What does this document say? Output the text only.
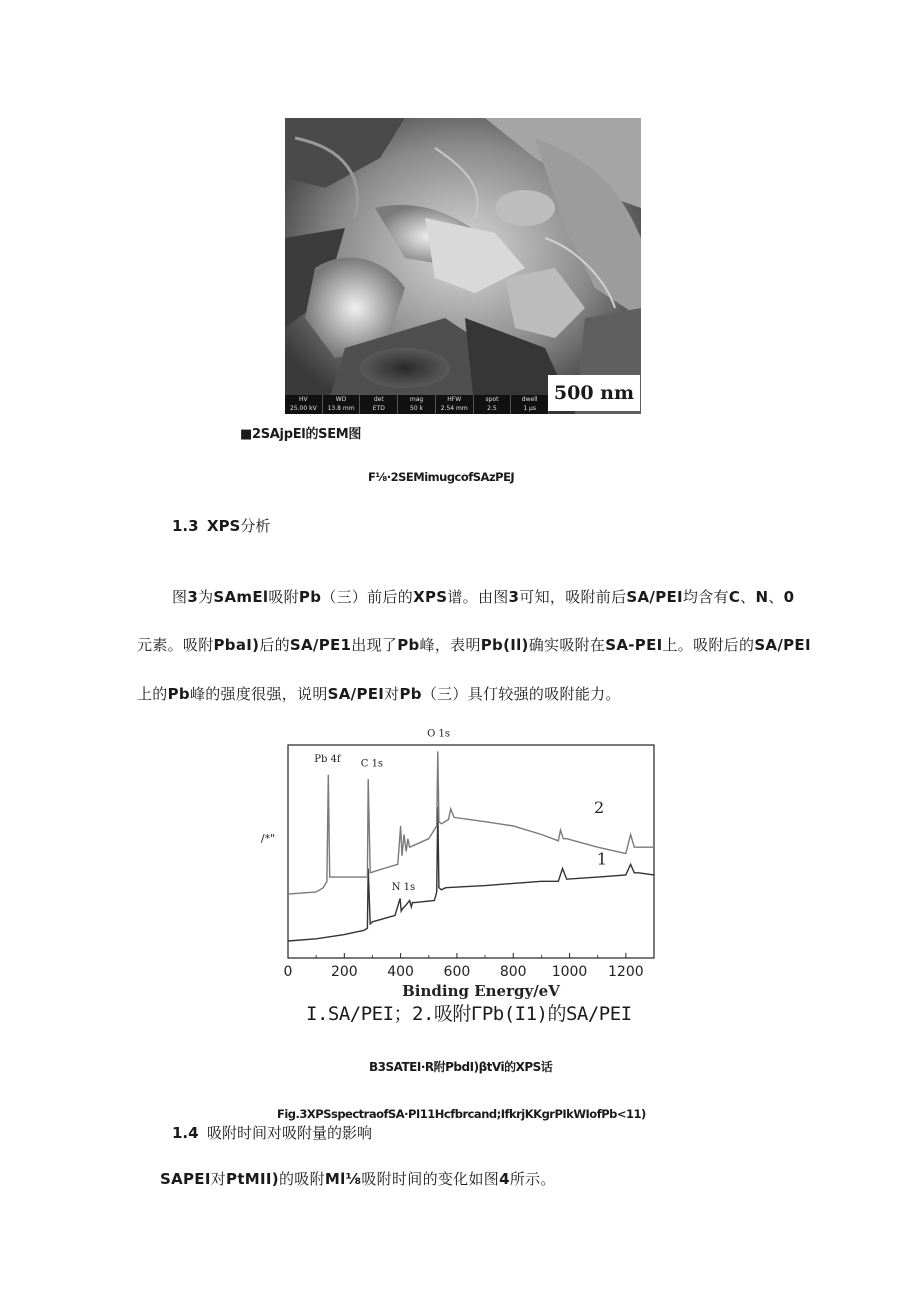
HV
25.00 kV
WD
13.8 mm
det
ETD
mag
50 k
HFW
2.54 mm
spot
2.5
dwell
1 μs
500 nm
■2SAjpEl的SEM图
F⅛·2SEMimugcofSAzPEJ
1.3 XPS分析
图3为SAmEl吸附Pb（三）前后的XPS谱。由图3可知，吸附前后SA/PEI均含有C、N、0
元素。吸附PbaI)后的SA/PE1出现了Pb峰，表明Pb(Il)确实吸附在SA-PEI上。吸附后的SA/PEI
上的Pb峰的强度很强，说明SA/PEI对Pb（三）具仃较强的吸附能力。
0	200 400 600 800 1000 1200
Binding Energy/eV
/*"
Pb 4f C 1s
O 1s
N 1s
2
1
I.SA/PEI；2.吸附ΓPb(I1)的SA/PEI
B3SATEI·R附PbdI)βtVi的XPS话
Fig.3XPSspectraofSA·PI11Hcfbrcand;IfkrjKKgrPIkWIofPb<11)
1.4 吸附时间对吸附量的影响
SAPEI对PtMII)的吸附Ml⅛吸附时间的变化如图4所示。
